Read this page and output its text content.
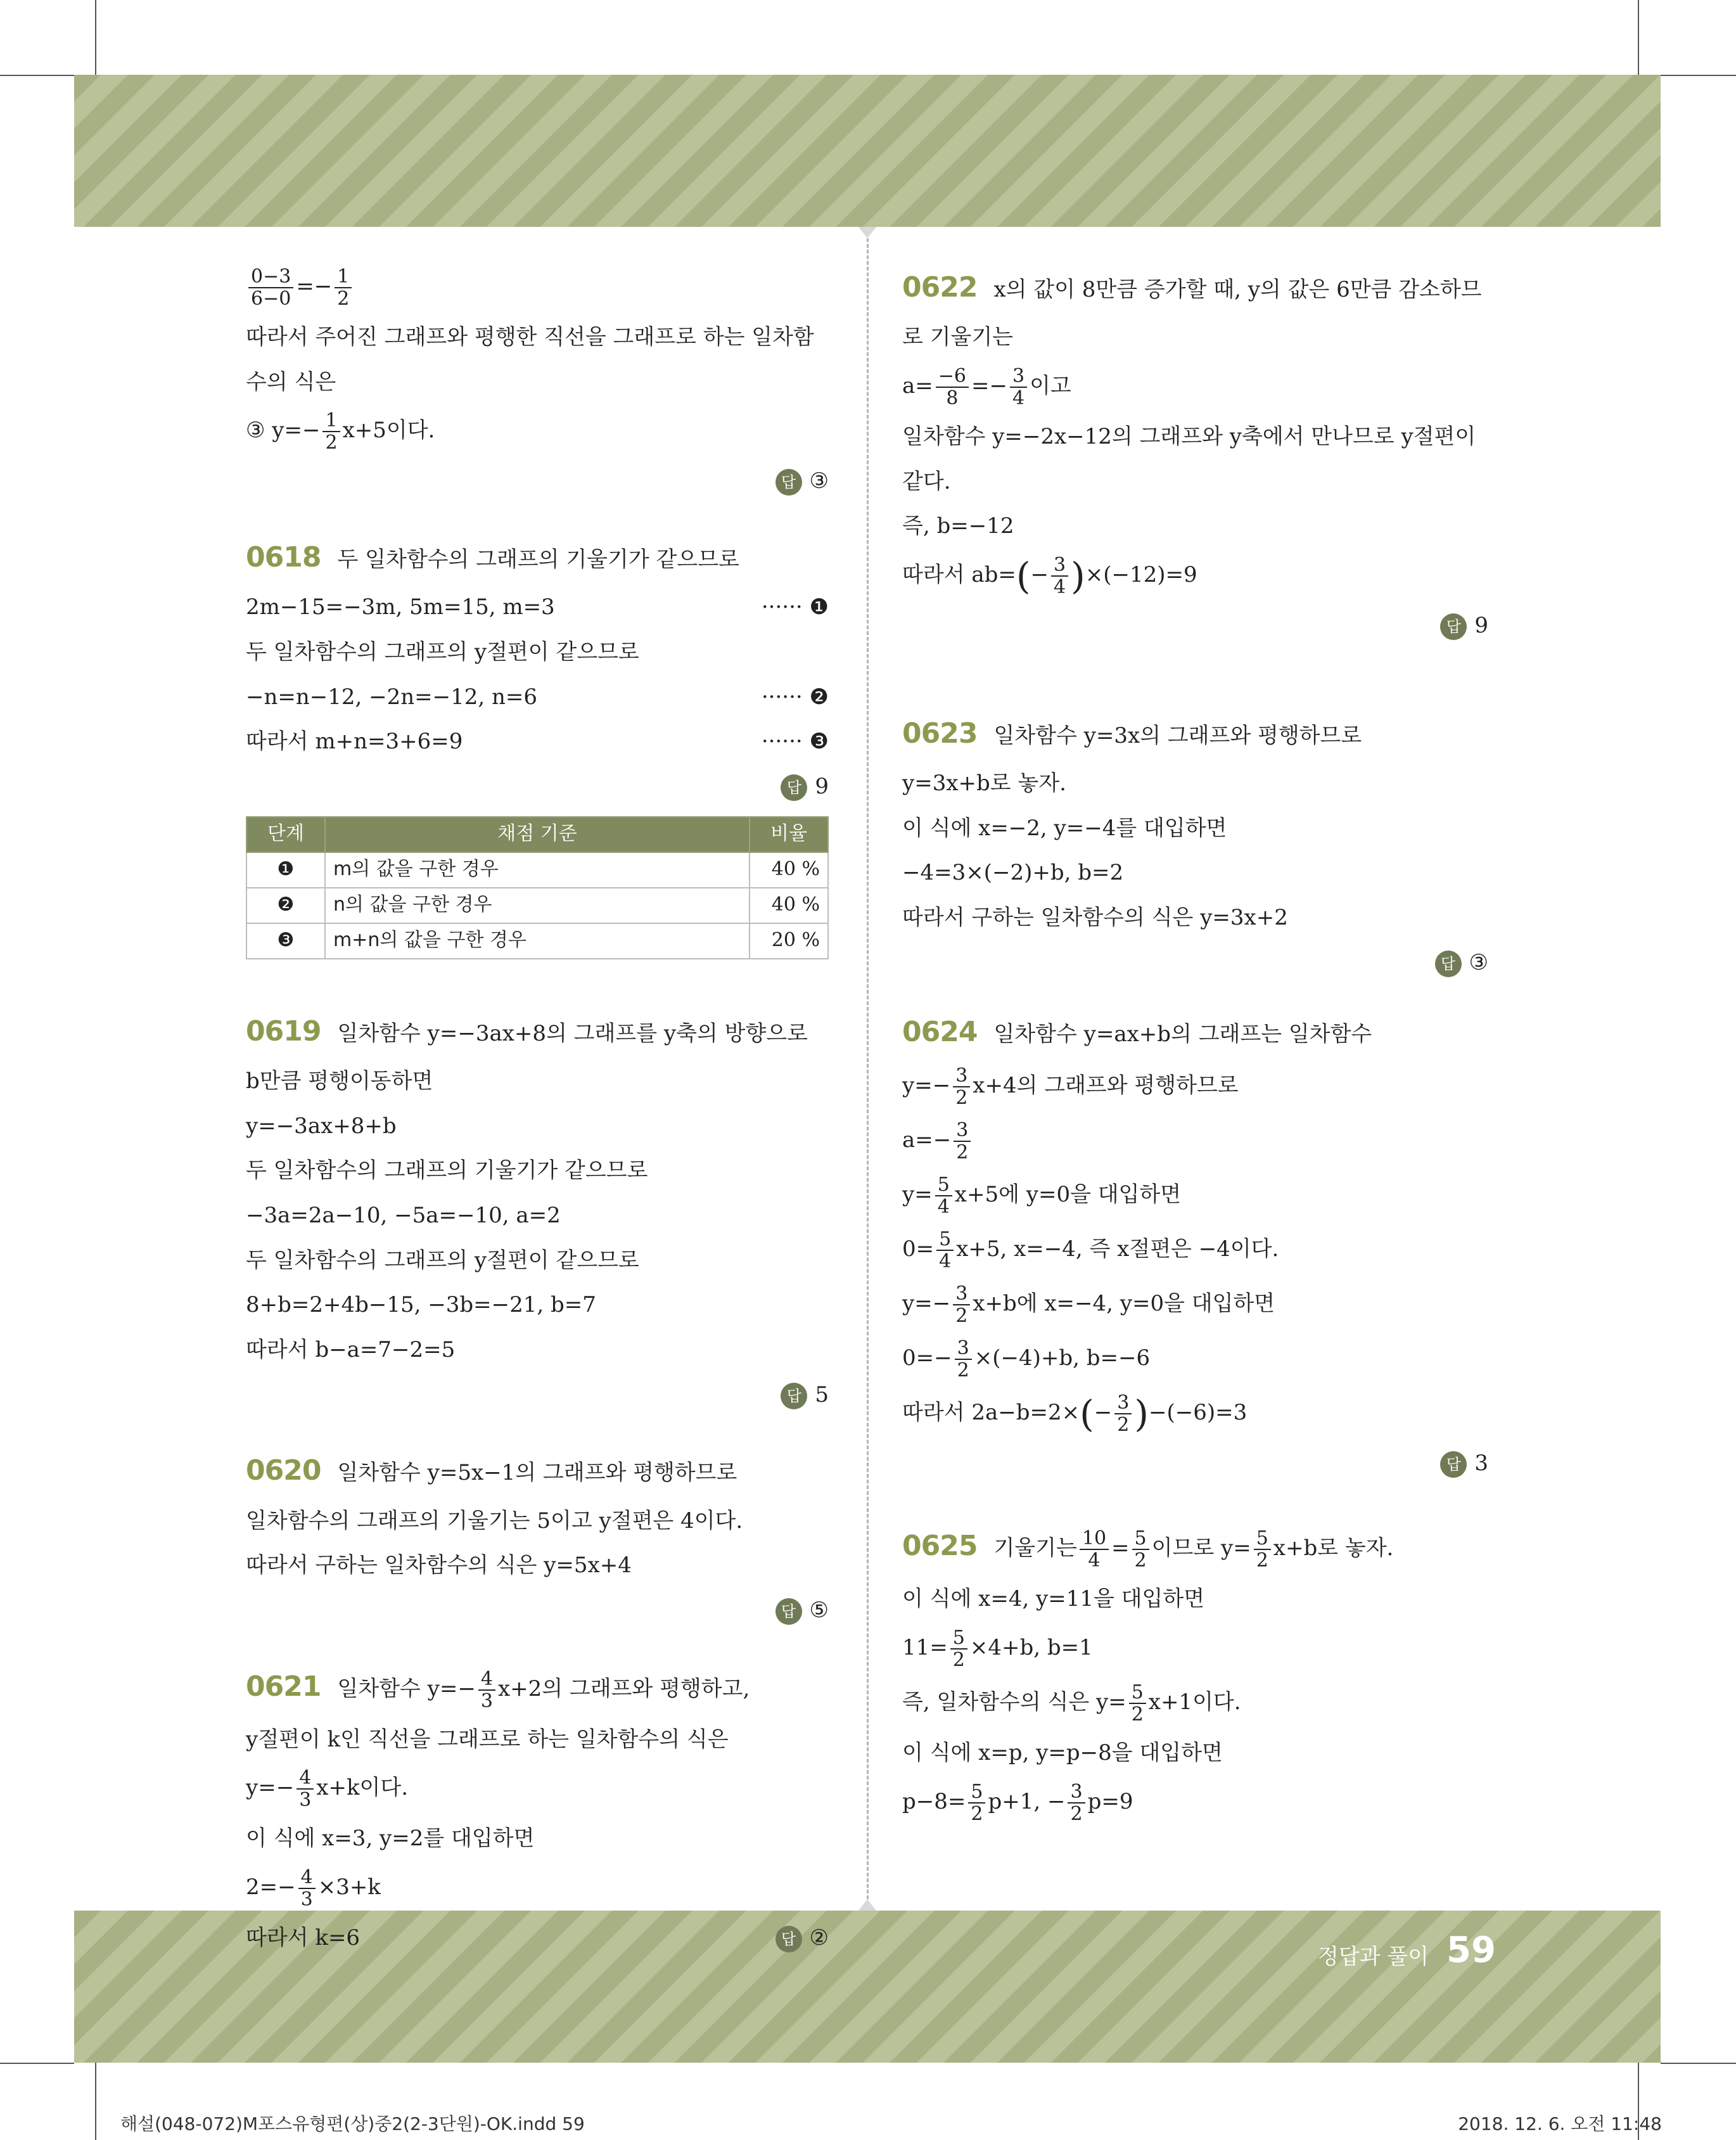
$\frac{0-3}{6-0} =- \frac{1}{2}$
따라서 주어진 그래프와 평행한 직선을 그래프로 하는 일차함
수의 식은
③ $y=- \frac{1}{2} x+5$이다.
답 ③
0618 두 일차함수의 그래프의 기울기가 같으므로
2m−15=−3m, 5m=15, m=3	······ ❶
두 일차함수의 그래프의 y절편이 같으므로
−n=n−12, −2n=−12, n=6	······ ❷
따라서 m+n=3+6=9	······ ❸
답 9
단계	채점 기준	비율
❶	m의 값을 구한 경우	40 %
❷	n의 값을 구한 경우	40 %
❸	m+n의 값을 구한 경우	20 %
0619 일차함수 y=−3ax+8의 그래프를 y축의 방향으로
b만큼 평행이동하면
y=−3ax+8+b
두 일차함수의 그래프의 기울기가 같으므로
−3a=2a−10, −5a=−10, a=2
두 일차함수의 그래프의 y절편이 같으므로
8+b=2+4b−15, −3b=−21, b=7
따라서 b−a=7−2=5
답 5
0620 일차함수 y=5x−1의 그래프와 평행하므로
일차함수의 그래프의 기울기는 5이고 y절편은 4이다.
따라서 구하는 일차함수의 식은 y=5x+4
답 ⑤
0621 일차함수 $y=- \frac{4}{3} x+2$의 그래프와 평행하고,
y절편이 k인 직선을 그래프로 하는 일차함수의 식은
$y=- \frac{4}{3} x+k$이다.
이 식에 x=3, y=2를 대입하면
$2=- \frac{4}{3} \times 3+k$
따라서 k=6	답 ②
0622 x의 값이 8만큼 증가할 때, y의 값은 6만큼 감소하므
로 기울기는
$a= \frac{-6}{8} =- \frac{3}{4}$ 이고
일차함수 y=−2x−12의 그래프와 y축에서 만나므로 y절편이
같다.
즉, b=−12
따라서 $ab=(- \frac{3}{4} )\times(-12)=9$
답 9
0623 일차함수 y=3x의 그래프와 평행하므로
y=3x+b로 놓자.
이 식에 x=−2, y=−4를 대입하면
−4=3×(−2)+b, b=2
따라서 구하는 일차함수의 식은 y=3x+2
답 ③
0624 일차함수 y=ax+b의 그래프는 일차함수
$y=- \frac{3}{2} x+4$의 그래프와 평행하므로
$a=- \frac{3}{2}$
$y= \frac{5}{4} x+5$에 y=0을 대입하면
$0= \frac{5}{4} x+5$, x=−4, 즉 x절편은 −4이다.
$y=- \frac{3}{2} x+b$에 x=−4, y=0을 대입하면
$0=- \frac{3}{2} \times(-4)+b$, b=−6
따라서 $2a-b=2\times(- \frac{3}{2} )-(-6)=3$
답 3
0625 기울기는 $\frac{10}{4} = \frac{5}{2}$ 이므로 $y= \frac{5}{2} x+b$로 놓자.
이 식에 x=4, y=11을 대입하면
$11= \frac{5}{2} \times 4+b$, b=1
즉, 일차함수의 식은 $y= \frac{5}{2} x+1$이다.
이 식에 x=p, y=p−8을 대입하면
$p-8= \frac{5}{2} p+1$, − $\frac{3}{2} p=9$
정답과 풀이 59
해설(048-072)M포스유형편(상)중2(2-3단원)-OK.indd 59	2018. 12. 6. 오전 11:48
